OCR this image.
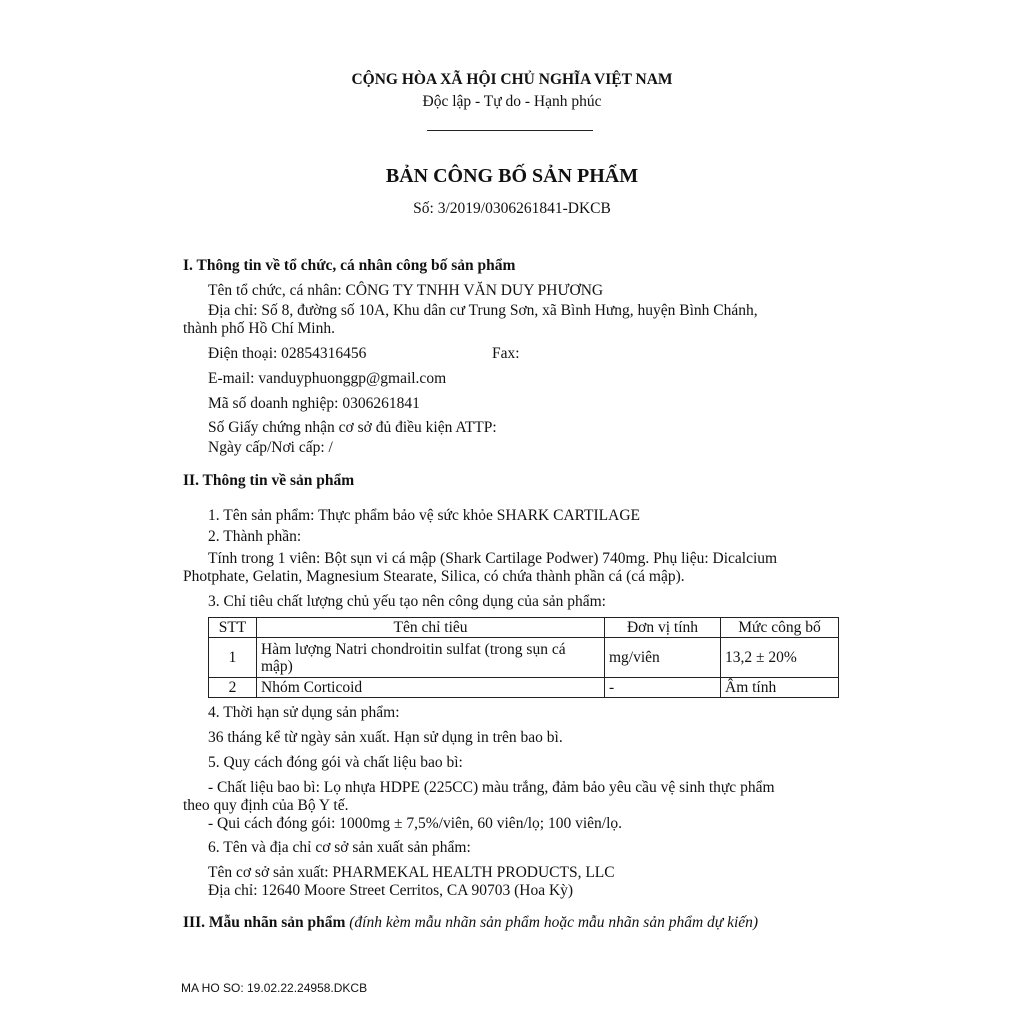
CỘNG HÒA XÃ HỘI CHỦ NGHĨA VIỆT NAM
Độc lập - Tự do - Hạnh phúc
BẢN CÔNG BỐ SẢN PHẨM
Số: 3/2019/0306261841-DKCB
I. Thông tin về tổ chức, cá nhân công bố sản phẩm
Tên tổ chức, cá nhân: CÔNG TY TNHH VĂN DUY PHƯƠNG
Địa chỉ: Số 8, đường số 10A, Khu dân cư Trung Sơn, xã Bình Hưng, huyện Bình Chánh,
thành phố Hồ Chí Minh.
Điện thoại: 02854316456	Fax:
E-mail: vanduyphuonggp@gmail.com
Mã số doanh nghiệp: 0306261841
Số Giấy chứng nhận cơ sở đủ điều kiện ATTP:
Ngày cấp/Nơi cấp: /
II. Thông tin về sản phẩm
1. Tên sản phẩm: Thực phẩm bảo vệ sức khỏe SHARK CARTILAGE
2. Thành phần:
Tính trong 1 viên: Bột sụn vi cá mập (Shark Cartilage Podwer) 740mg. Phụ liệu: Dicalcium
Photphate, Gelatin, Magnesium Stearate, Silica, có chứa thành phần cá (cá mập).
3. Chỉ tiêu chất lượng chủ yếu tạo nên công dụng của sản phẩm:
STT	Tên chỉ tiêu	Đơn vị tính	Mức công bố
1	Hàm lượng Natri chondroitin sulfat (trong sụn cá
mập)	mg/viên	13,2 ± 20%
2	Nhóm Corticoid	-	Âm tính
4. Thời hạn sử dụng sản phẩm:
36 tháng kể từ ngày sản xuất. Hạn sử dụng in trên bao bì.
5. Quy cách đóng gói và chất liệu bao bì:
- Chất liệu bao bì: Lọ nhựa HDPE (225CC) màu trắng, đảm bảo yêu cầu vệ sinh thực phẩm
theo quy định của Bộ Y tế.
- Qui cách đóng gói: 1000mg ± 7,5%/viên, 60 viên/lọ; 100 viên/lọ.
6. Tên và địa chỉ cơ sở sản xuất sản phẩm:
Tên cơ sở sản xuất: PHARMEKAL HEALTH PRODUCTS, LLC
Địa chỉ: 12640 Moore Street Cerritos, CA 90703 (Hoa Kỳ)
III. Mẫu nhãn sản phẩm (đính kèm mẫu nhãn sản phẩm hoặc mẫu nhãn sản phẩm dự kiến)
MA HO SO: 19.02.22.24958.DKCB
